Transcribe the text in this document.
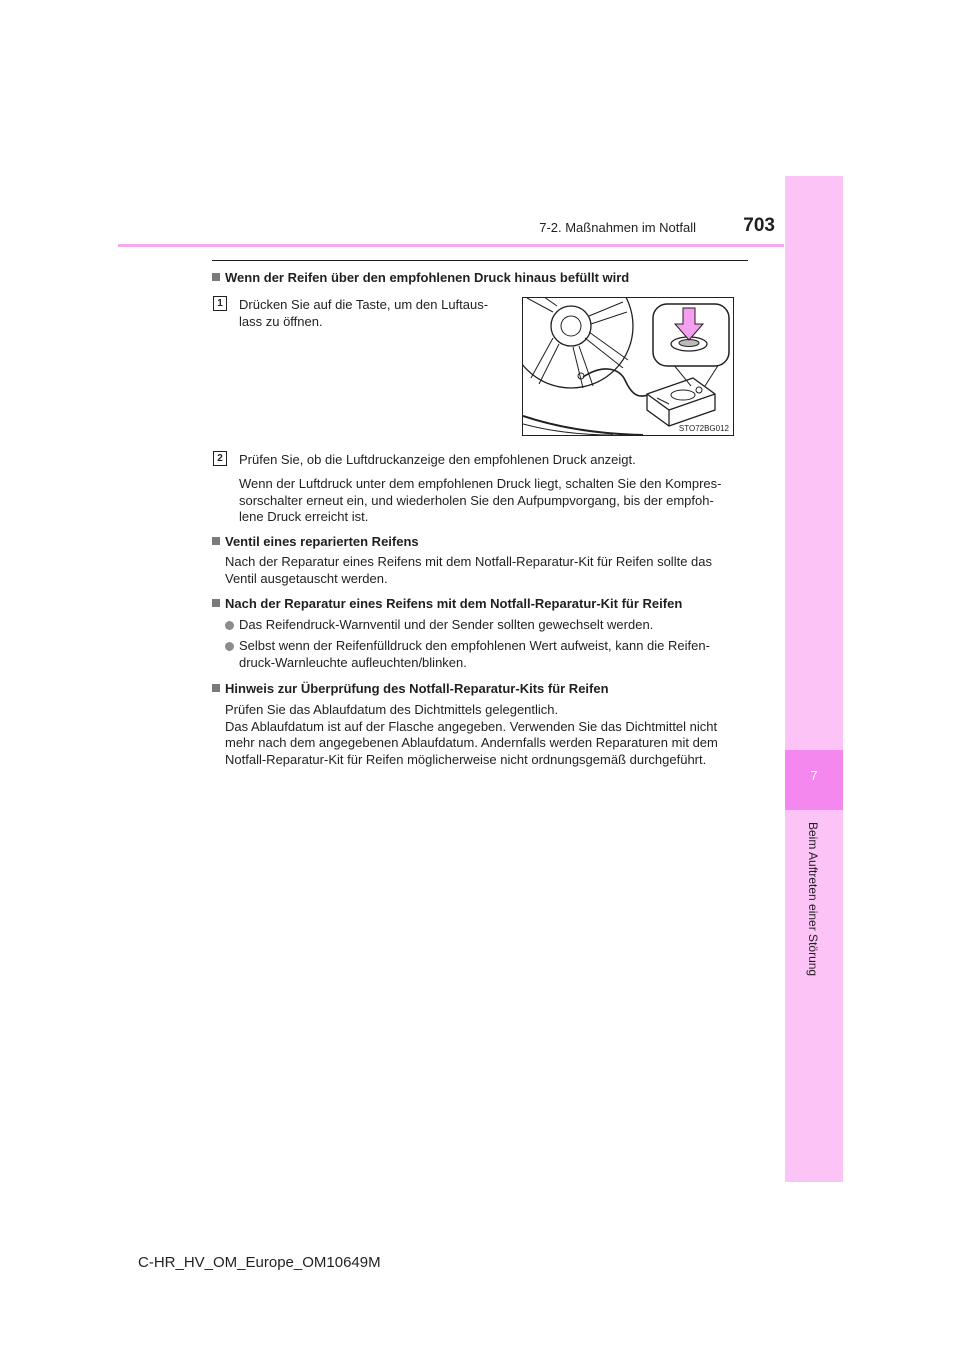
7-2. Maßnahmen im Notfall	703
7
Beim Auftreten einer Störung
Wenn der Reifen über den empfohlenen Druck hinaus befüllt wird
1	Drücken Sie auf die Taste, um den Luftaus-
lass zu öffnen.
STO72BG012
2	Prüfen Sie, ob die Luftdruckanzeige den empfohlenen Druck anzeigt.
Wenn der Luftdruck unter dem empfohlenen Druck liegt, schalten Sie den Kompres-
sorschalter erneut ein, und wiederholen Sie den Aufpumpvorgang, bis der empfoh-
lene Druck erreicht ist.
Ventil eines reparierten Reifens
Nach der Reparatur eines Reifens mit dem Notfall-Reparatur-Kit für Reifen sollte das
Ventil ausgetauscht werden.
Nach der Reparatur eines Reifens mit dem Notfall-Reparatur-Kit für Reifen
Das Reifendruck-Warnventil und der Sender sollten gewechselt werden.
Selbst wenn der Reifenfülldruck den empfohlenen Wert aufweist, kann die Reifen-
druck-Warnleuchte aufleuchten/blinken.
Hinweis zur Überprüfung des Notfall-Reparatur-Kits für Reifen
Prüfen Sie das Ablaufdatum des Dichtmittels gelegentlich.
Das Ablaufdatum ist auf der Flasche angegeben. Verwenden Sie das Dichtmittel nicht
mehr nach dem angegebenen Ablaufdatum. Andernfalls werden Reparaturen mit dem
Notfall-Reparatur-Kit für Reifen möglicherweise nicht ordnungsgemäß durchgeführt.
C-HR_HV_OM_Europe_OM10649M
